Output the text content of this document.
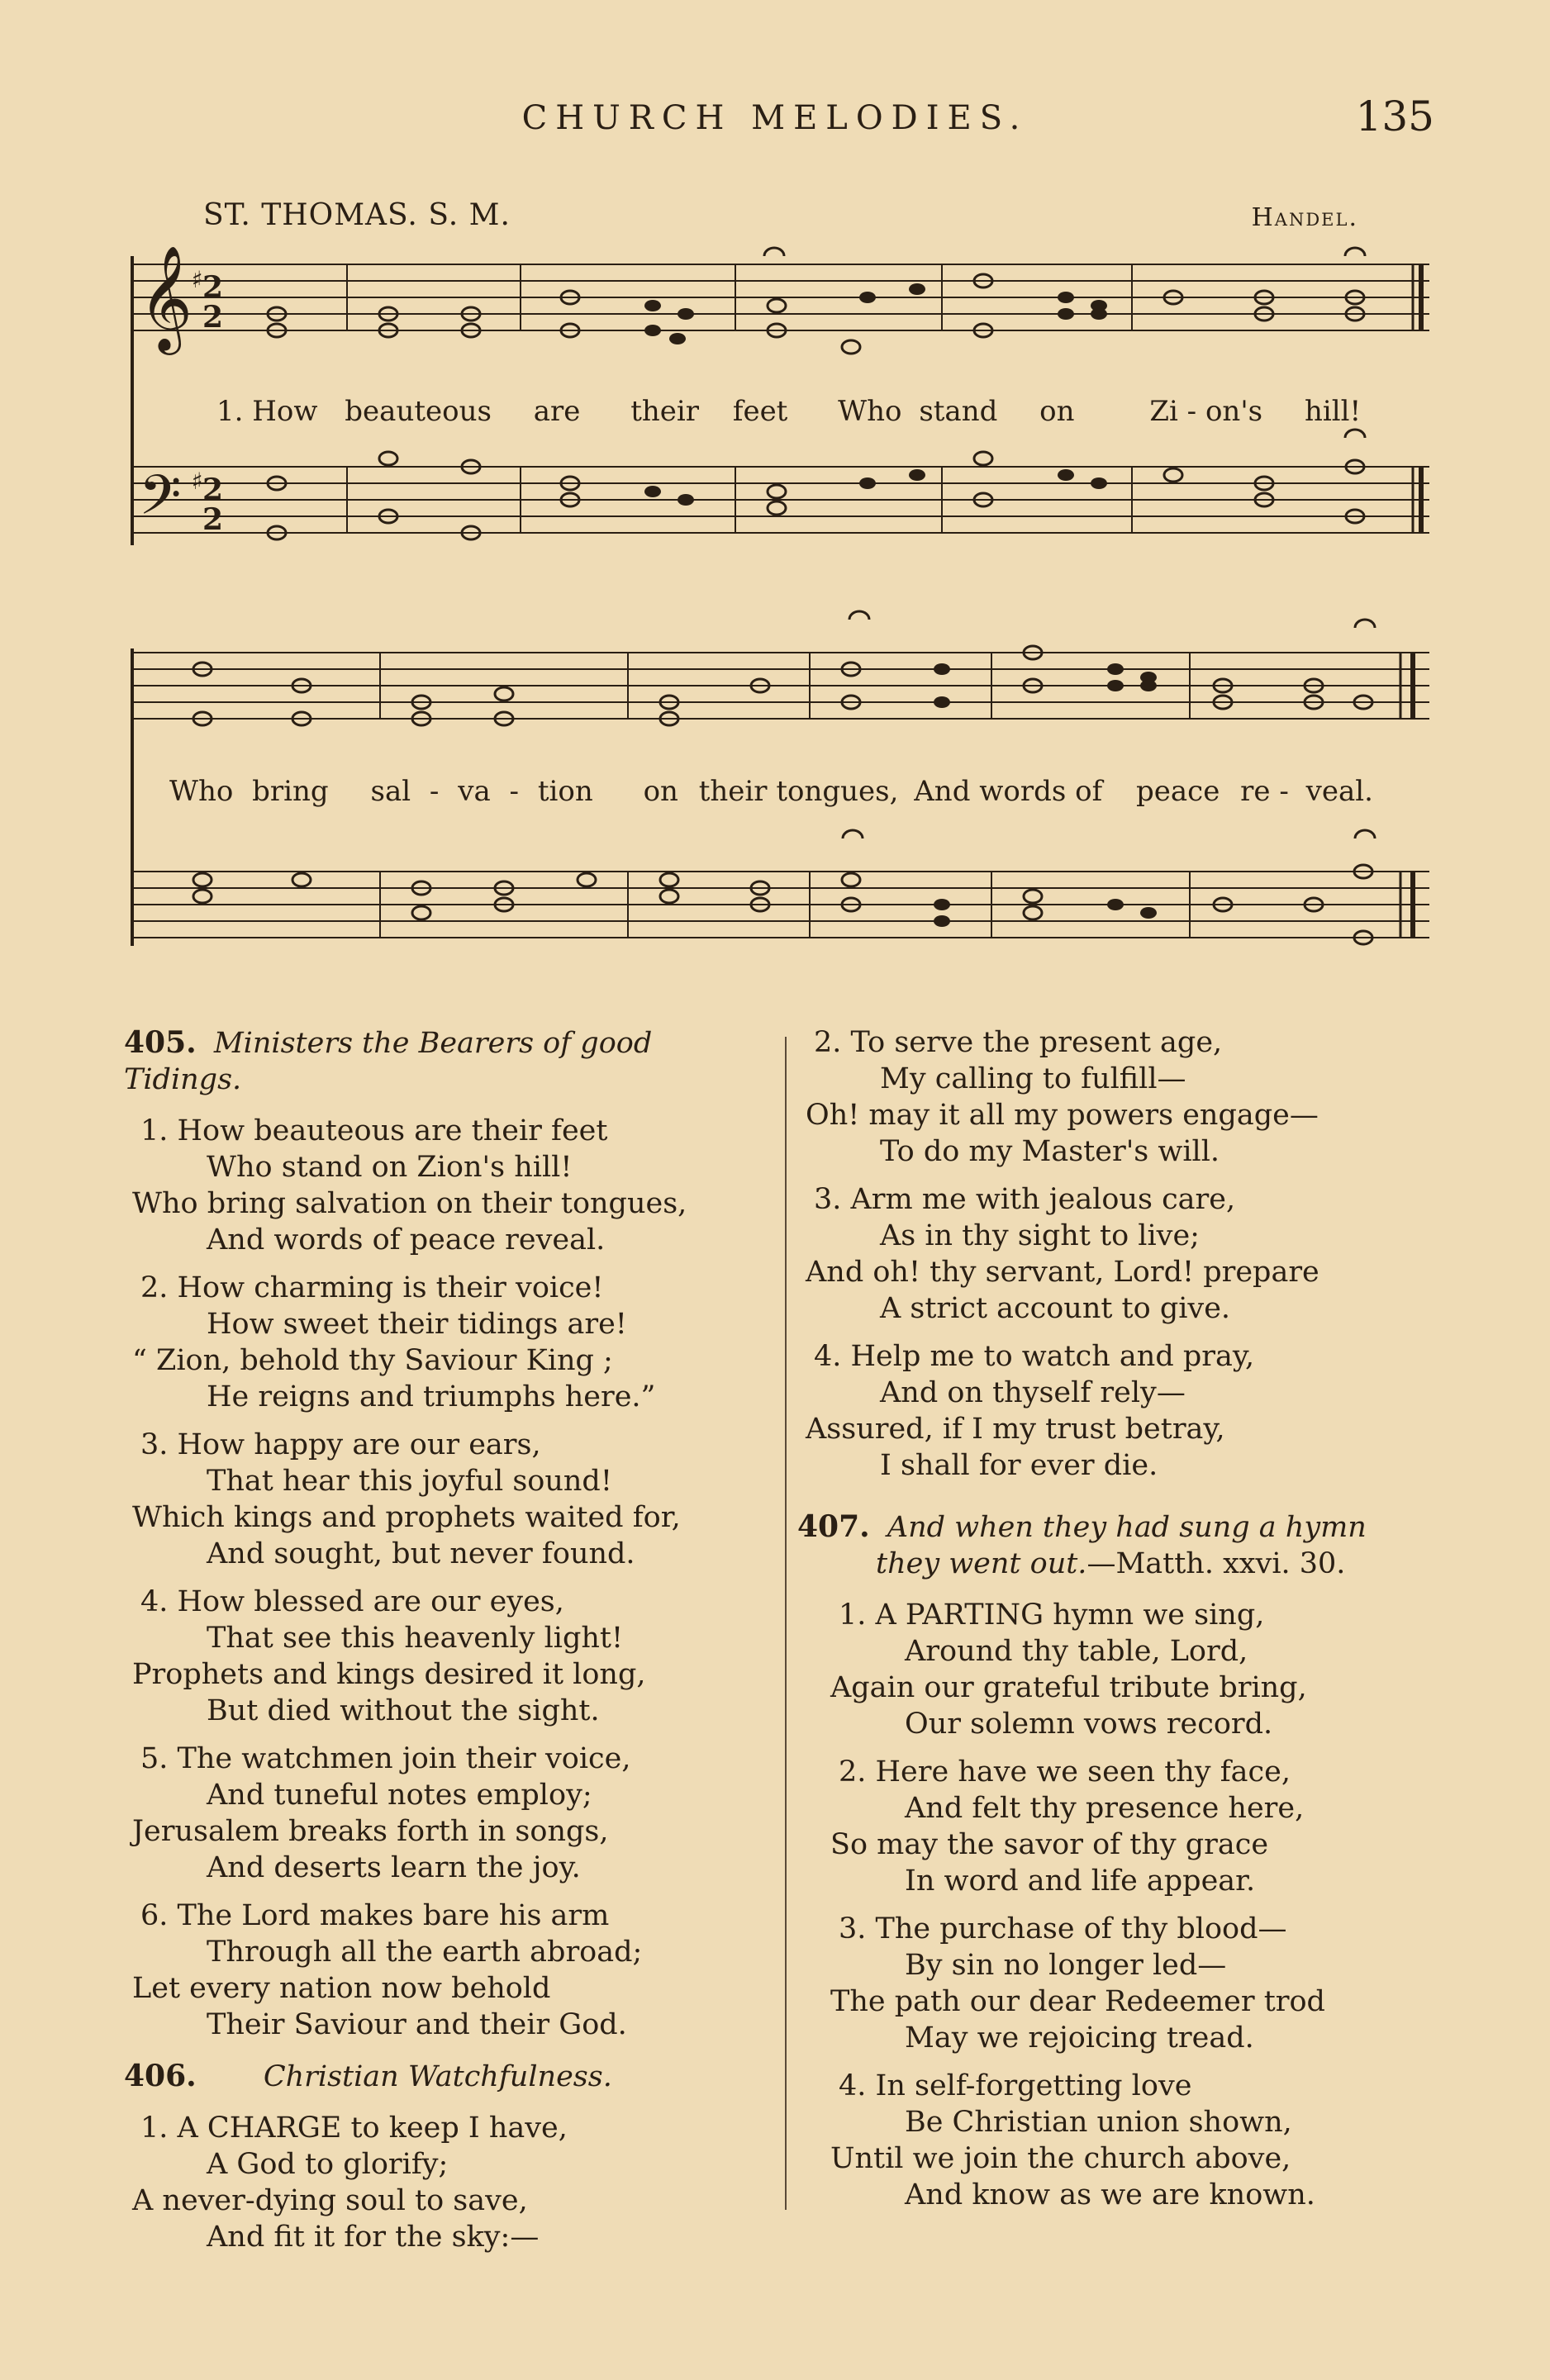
CHURCH MELODIES.	135
ST. THOMAS. S. M.	Handel.
𝄞
𝄢
2
2
2
2
♯
♯
1. How beauteous are their feet Who stand on	Zi - on's hill!
Who bring sal - va - tion on their tongues, And words of peace re - veal.
405. Ministers the Bearers of good Tidings.
1. How beauteous are their feet
Who stand on Zion's hill!
Who bring salvation on their tongues,
And words of peace reveal.
2. How charming is their voice!
How sweet their tidings are!
“ Zion, behold thy Saviour King ;
He reigns and triumphs here.”
3. How happy are our ears,
That hear this joyful sound!
Which kings and prophets waited for,
And sought, but never found.
4. How blessed are our eyes,
That see this heavenly light!
Prophets and kings desired it long,
But died without the sight.
5. The watchmen join their voice,
And tuneful notes employ;
Jerusalem breaks forth in songs,
And deserts learn the joy.
6. The Lord makes bare his arm
Through all the earth abroad;
Let every nation now behold
Their Saviour and their God.
406. Christian Watchfulness.
1. A CHARGE to keep I have,
A God to glorify;
A never-dying soul to save,
And fit it for the sky:—
2. To serve the present age,
My calling to fulfill—
Oh! may it all my powers engage—
To do my Master's will.
3. Arm me with jealous care,
As in thy sight to live;
And oh! thy servant, Lord! prepare
A strict account to give.
4. Help me to watch and pray,
And on thyself rely—
Assured, if I my trust betray,
I shall for ever die.
407. And when they had sung a hymn
they went out.—Matth. xxvi. 30.
1. A PARTING hymn we sing,
Around thy table, Lord,
Again our grateful tribute bring,
Our solemn vows record.
2. Here have we seen thy face,
And felt thy presence here,
So may the savor of thy grace
In word and life appear.
3. The purchase of thy blood—
By sin no longer led—
The path our dear Redeemer trod
May we rejoicing tread.
4. In self-forgetting love
Be Christian union shown,
Until we join the church above,
And know as we are known.
